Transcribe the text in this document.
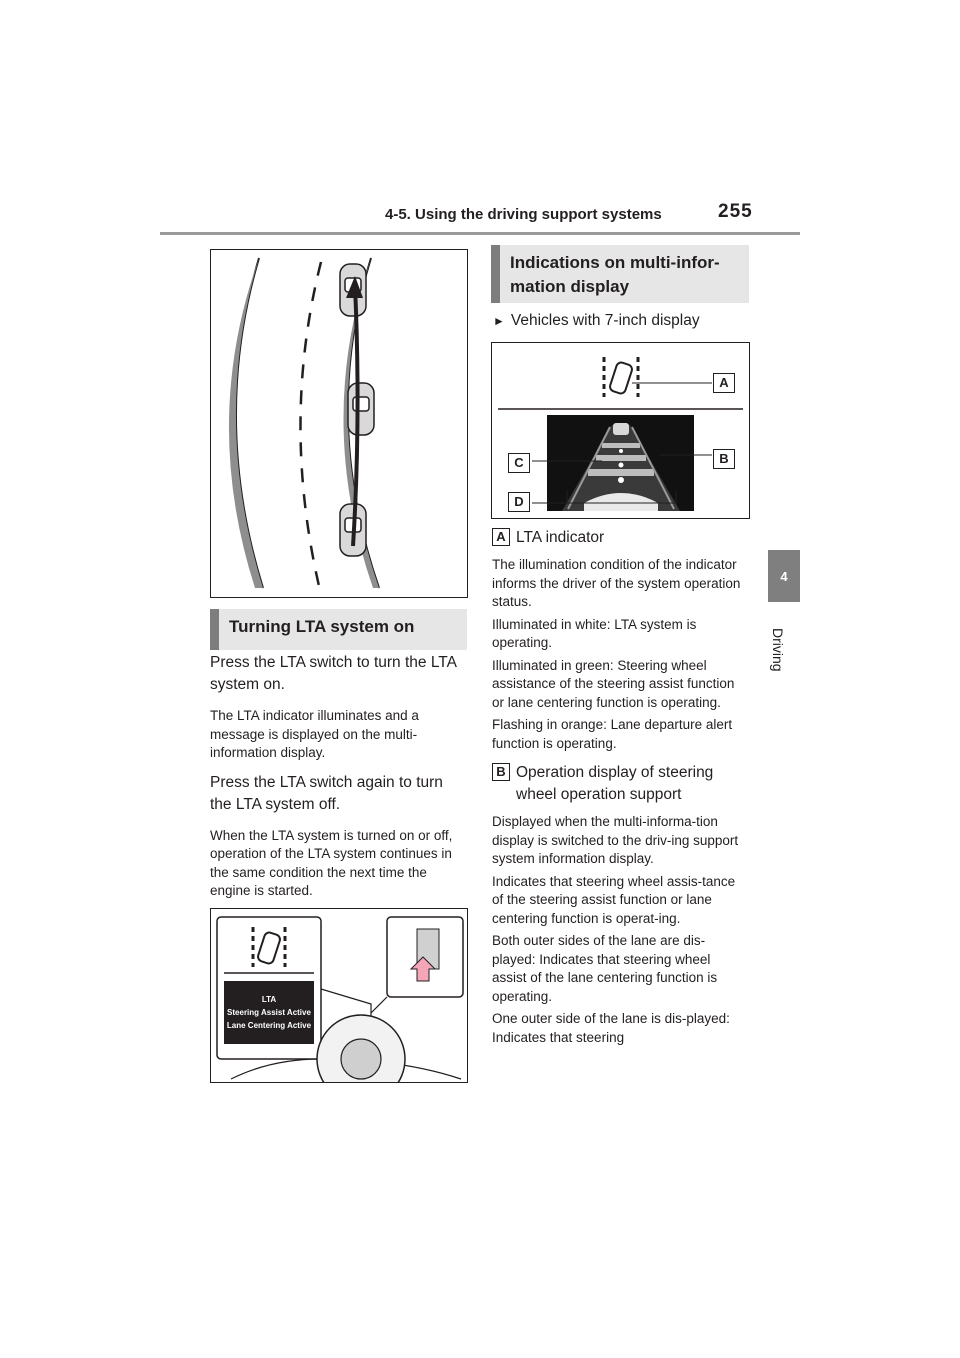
4-5. Using the driving support systems	255
4
Driving
Turning LTA system on

Press the LTA switch to turn the LTA system on.

The LTA indicator illuminates and a message is displayed on the multi-information display.

Press the LTA switch again to turn the LTA system off.

When the LTA system is turned on or off, operation of the LTA system continues in the same condition the next time the engine is started.

LTA
Steering Assist Active
Lane Centering Active
Indications on multi-infor-mation display
► Vehicles with 7-inch display
A
B
C
D

A LTA indicator

The illumination condition of the indicator informs the driver of the system operation status.

Illuminated in white: LTA system is operating.

Illuminated in green: Steering wheel assistance of the steering assist function or lane centering function is operating.

Flashing in orange: Lane departure alert function is operating.

B Operation display of steering wheel operation support

Displayed when the multi-informa-tion display is switched to the driv-ing support system information display.

Indicates that steering wheel assis-tance of the steering assist function or lane centering function is operat-ing.

Both outer sides of the lane are dis-played: Indicates that steering wheel assist of the lane centering function is operating.

One outer side of the lane is dis-played: Indicates that steering
